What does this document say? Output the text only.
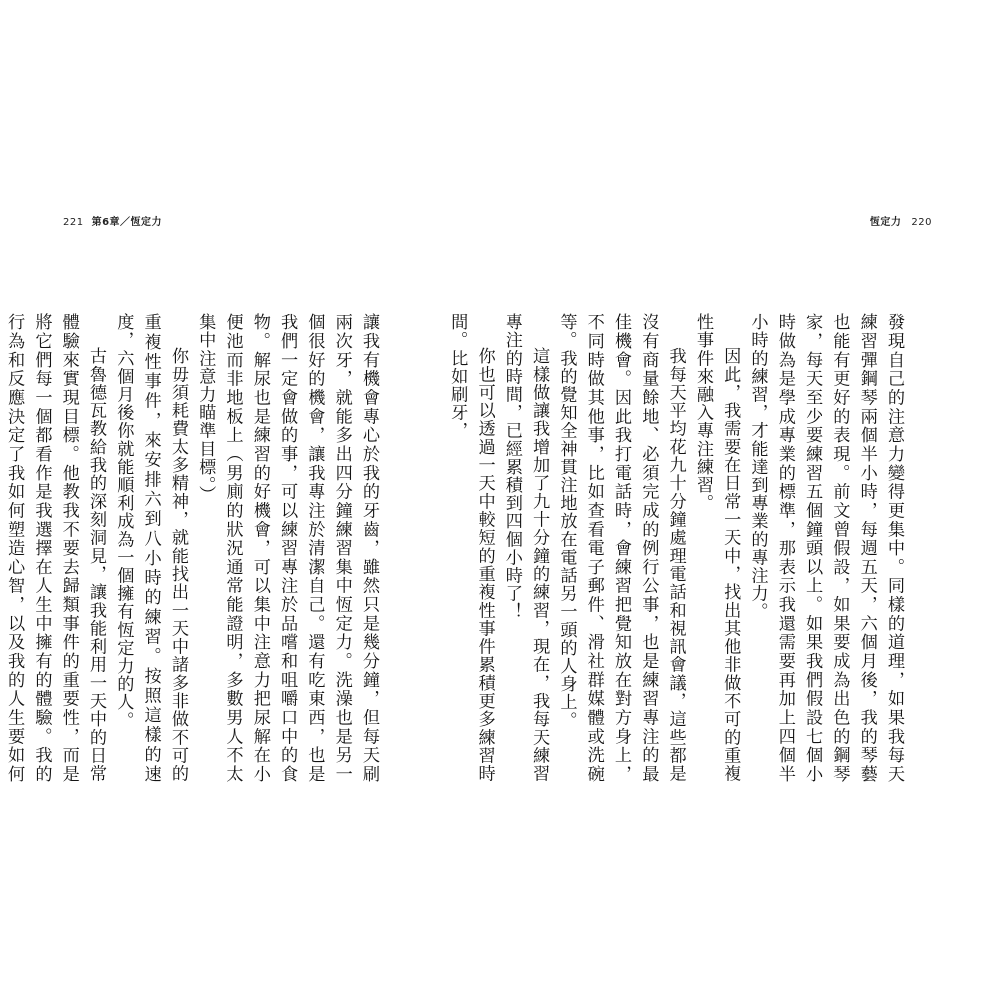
221 第6章／恆定力	恆定力 220

發現自己的注意力變得更集中。同樣的道理，如果我每天練習彈鋼琴兩個半小時，每週五天，六個月後，我的琴藝也能有更好的表現。前文曾假設，如果要成為出色的鋼琴家，每天至少要練習五個鐘頭以上。如果我們假設七個小時做為是學成專業的標準，那表示我還需要再加上四個半小時的練習，才能達到專業的專注力。

因此，我需要在日常一天中，找出其他非做不可的重複性事件來融入專注練習。

我每天平均花九十分鐘處理電話和視訊會議，這些都是沒有商量餘地、必須完成的例行公事，也是練習專注的最佳機會。因此我打電話時，會練習把覺知放在對方身上，不同時做其他事，比如查看電子郵件、滑社群媒體或洗碗等。我的覺知全神貫注地放在電話另一頭的人身上。

這樣做讓我增加了九十分鐘的練習，現在，我每天練習專注的時間，已經累積到四個小時了！

你也可以透過一天中較短的重複性事件累積更多練習時間。比如刷牙，

讓我有機會專心於我的牙齒，雖然只是幾分鐘，但每天刷兩次牙，就能多出四分鐘練習集中恆定力。洗澡也是另一個很好的機會，讓我專注於清潔自己。還有吃東西，也是我們一定會做的事，可以練習專注於品嚐和咀嚼口中的食物。解尿也是練習的好機會，可以集中注意力把尿解在小便池而非地板上（男廁的狀況通常能證明，多數男人不太集中注意力瞄準目標。）

你毋須耗費太多精神，就能找出一天中諸多非做不可的重複性事件，來安排六到八小時的練習。按照這樣的速度，六個月後你就能順利成為一個擁有恆定力的人。

古魯德瓦教給我的深刻洞見，讓我能利用一天中的日常體驗來實現目標。他教我不要去歸類事件的重要性，而是將它們每一個都看作是我選擇在人生中擁有的體驗。我的行為和反應決定了我如何塑造心智，以及我的人生要如何
